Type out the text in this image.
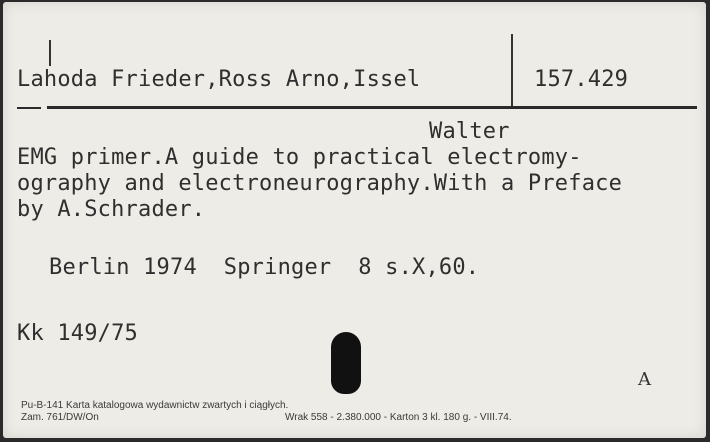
Lahoda Frieder,Ross Arno,Issel	157.429
Walter
EMG primer.A guide to practical electromy-
ography and electroneurography.With a Preface
by A.Schrader.
Berlin 1974  Springer  8 s.X,60.
Kk 149/75
A
Pu-B-141 Karta katalogowa wydawnictw zwartych i ciągłych.
Zam. 761/DW/On	Wrak 558 - 2.380.000 - Karton 3 kl. 180 g. - VIII.74.
